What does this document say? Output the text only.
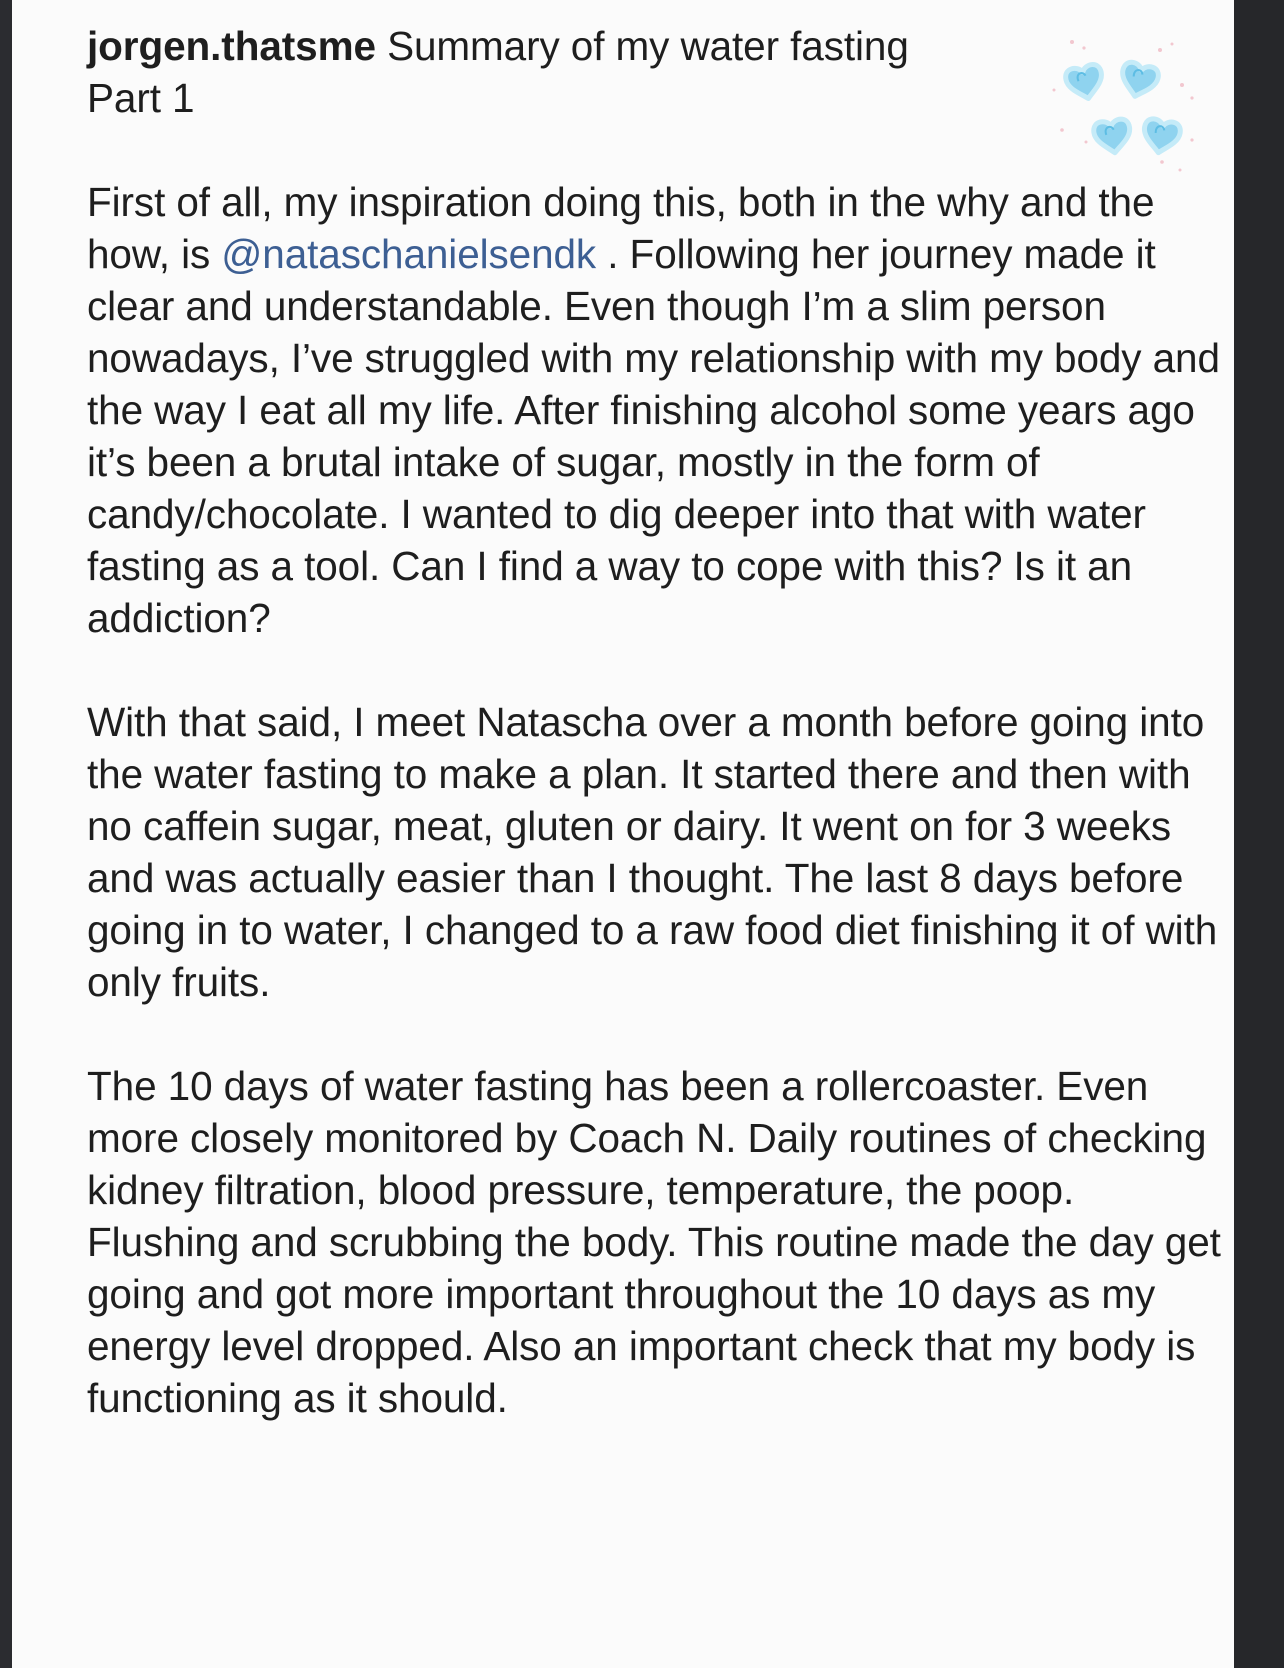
jorgen.thatsme Summary of my water fasting
Part 1

First of all, my inspiration doing this, both in the why and the how, is @nataschanielsendk . Following her journey made it clear and understandable. Even though I’m a slim person nowadays, I’ve struggled with my relationship with my body and the way I eat all my life. After finishing alcohol some years ago it’s been a brutal intake of sugar, mostly in the form of candy/chocolate. I wanted to dig deeper into that with water fasting as a tool. Can I find a way to cope with this? Is it an addiction?

With that said, I meet Natascha over a month before going into the water fasting to make a plan. It started there and then with no caffein sugar, meat, gluten or dairy. It went on for 3 weeks and was actually easier than I thought. The last 8 days before going in to water, I changed to a raw food diet finishing it of with only fruits.

The 10 days of water fasting has been a rollercoaster. Even more closely monitored by Coach N. Daily routines of checking kidney filtration, blood pressure, temperature, the poop. Flushing and scrubbing the body. This routine made the day get going and got more important throughout the 10 days as my energy level dropped. Also an important check that my body is functioning as it should.
